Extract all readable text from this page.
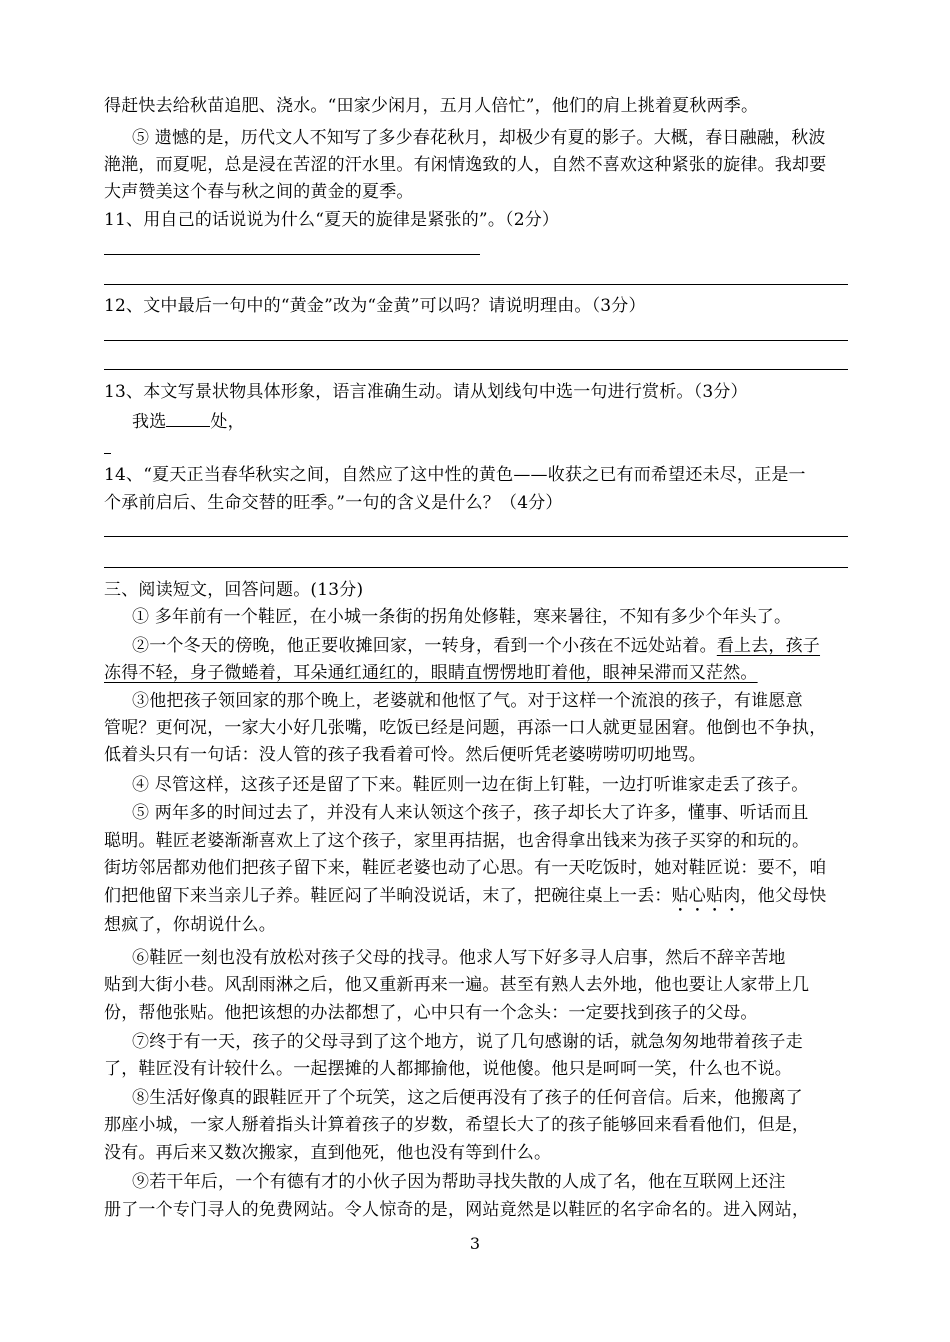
得赶快去给秋苗追肥、浇水。“田家少闲月，五月人倍忙”，他们的肩上挑着夏秋两季。
⑤ 遗憾的是，历代文人不知写了多少春花秋月，却极少有夏的影子。大概，春日融融，秋波
滟滟，而夏呢，总是浸在苦涩的汗水里。有闲情逸致的人，自然不喜欢这种紧张的旋律。我却要
大声赞美这个春与秋之间的黄金的夏季。
11、用自己的话说说为什么“夏天的旋律是紧张的”。（2分）
12、文中最后一句中的“黄金”改为“金黄”可以吗？请说明理由。（3分）
13、本文写景状物具体形象，语言准确生动。请从划线句中选一句进行赏析。（3分）
我选	处，
14、“夏天正当春华秋实之间，自然应了这中性的黄色——收获之已有而希望还未尽，正是一
个承前启后、生命交替的旺季。”一句的含义是什么？（4分）
三、阅读短文，回答问题。(13分)
① 多年前有一个鞋匠，在小城一条街的拐角处修鞋，寒来暑往，不知有多少个年头了。
②一个冬天的傍晚，他正要收摊回家，一转身，看到一个小孩在不远处站着。看上去，孩子
冻得不轻，身子微蜷着，耳朵通红通红的，眼睛直愣愣地盯着他，眼神呆滞而又茫然。
③他把孩子领回家的那个晚上，老婆就和他怄了气。对于这样一个流浪的孩子，有谁愿意
管呢？更何况，一家大小好几张嘴，吃饭已经是问题，再添一口人就更显困窘。他倒也不争执，
低着头只有一句话：没人管的孩子我看着可怜。然后便听凭老婆唠唠叨叨地骂。
④ 尽管这样，这孩子还是留了下来。鞋匠则一边在街上钉鞋，一边打听谁家走丢了孩子。
⑤ 两年多的时间过去了，并没有人来认领这个孩子，孩子却长大了许多，懂事、听话而且
聪明。鞋匠老婆渐渐喜欢上了这个孩子，家里再拮据，也舍得拿出钱来为孩子买穿的和玩的。
街坊邻居都劝他们把孩子留下来，鞋匠老婆也动了心思。有一天吃饭时，她对鞋匠说：要不，咱
们把他留下来当亲儿子养。鞋匠闷了半晌没说话，末了，把碗往桌上一丢：贴心贴肉，他父母快
想疯了，你胡说什么。
⑥鞋匠一刻也没有放松对孩子父母的找寻。他求人写下好多寻人启事，然后不辞辛苦地
贴到大街小巷。风刮雨淋之后，他又重新再来一遍。甚至有熟人去外地，他也要让人家带上几
份，帮他张贴。他把该想的办法都想了，心中只有一个念头：一定要找到孩子的父母。
⑦终于有一天，孩子的父母寻到了这个地方，说了几句感谢的话，就急匆匆地带着孩子走
了，鞋匠没有计较什么。一起摆摊的人都揶揄他，说他傻。他只是呵呵一笑，什么也不说。
⑧生活好像真的跟鞋匠开了个玩笑，这之后便再没有了孩子的任何音信。后来，他搬离了
那座小城，一家人掰着指头计算着孩子的岁数，希望长大了的孩子能够回来看看他们，但是，
没有。再后来又数次搬家，直到他死，他也没有等到什么。
⑨若干年后，一个有德有才的小伙子因为帮助寻找失散的人成了名，他在互联网上还注
册了一个专门寻人的免费网站。令人惊奇的是，网站竟然是以鞋匠的名字命名的。进入网站，
3
